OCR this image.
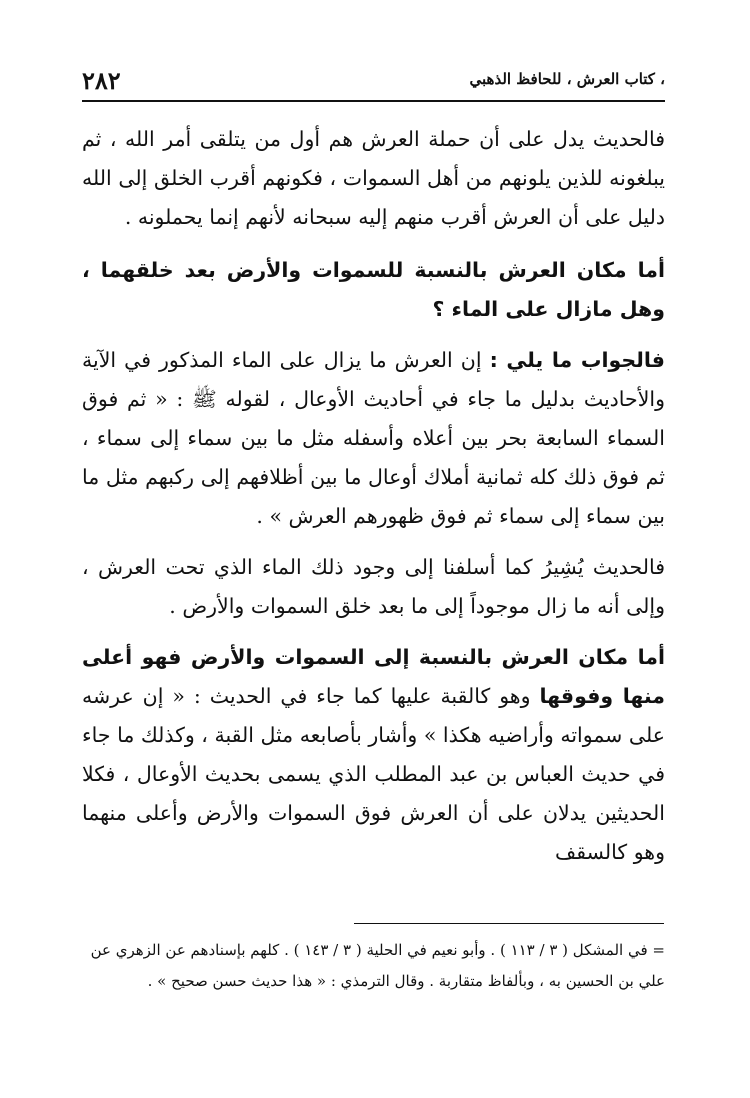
، كتاب العرش ، للحافظ الذهبي
٢٨٢

فالحديث يدل على أن حملة العرش هم أول من يتلقى أمر الله ، ثم يبلغونه للذين يلونهم من أهل السموات ، فكونهم أقرب الخلق إلى الله دليل على أن العرش أقرب منهم إليه سبحانه لأنهم إنما يحملونه .

أما مكان العرش بالنسبة للسموات والأرض بعد خلقهما ، وهل مازال على الماء ؟

فالجواب ما يلي : إن العرش ما يزال على الماء المذكور في الآية والأحاديث بدليل ما جاء في أحاديث الأوعال ، لقوله ﷺ : « ثم فوق السماء السابعة بحر بين أعلاه وأسفله مثل ما بين سماء إلى سماء ، ثم فوق ذلك كله ثمانية أملاك أوعال ما بين أظلافهم إلى ركبهم مثل ما بين سماء إلى سماء ثم فوق ظهورهم العرش » .

فالحديث يُشِيرُ كما أسلفنا إلى وجود ذلك الماء الذي تحت العرش ، وإلى أنه ما زال موجوداً إلى ما بعد خلق السموات والأرض .

أما مكان العرش بالنسبة إلى السموات والأرض فهو أعلى منها وفوقها وهو كالقبة عليها كما جاء في الحديث : « إن عرشه على سمواته وأراضيه هكذا » وأشار بأصابعه مثل القبة ، وكذلك ما جاء في حديث العباس بن عبد المطلب الذي يسمى بحديث الأوعال ، فكلا الحديثين يدلان على أن العرش فوق السموات والأرض وأعلى منهما وهو كالسقف

= في المشكل ( ٣ / ١١٣ ) . وأبو نعيم في الحلية ( ٣ / ١٤٣ ) . كلهم بإسنادهم عن الزهري عن

علي بن الحسين به ، وبألفاظ متقاربة . وقال الترمذي : « هذا حديث حسن صحيح » .
